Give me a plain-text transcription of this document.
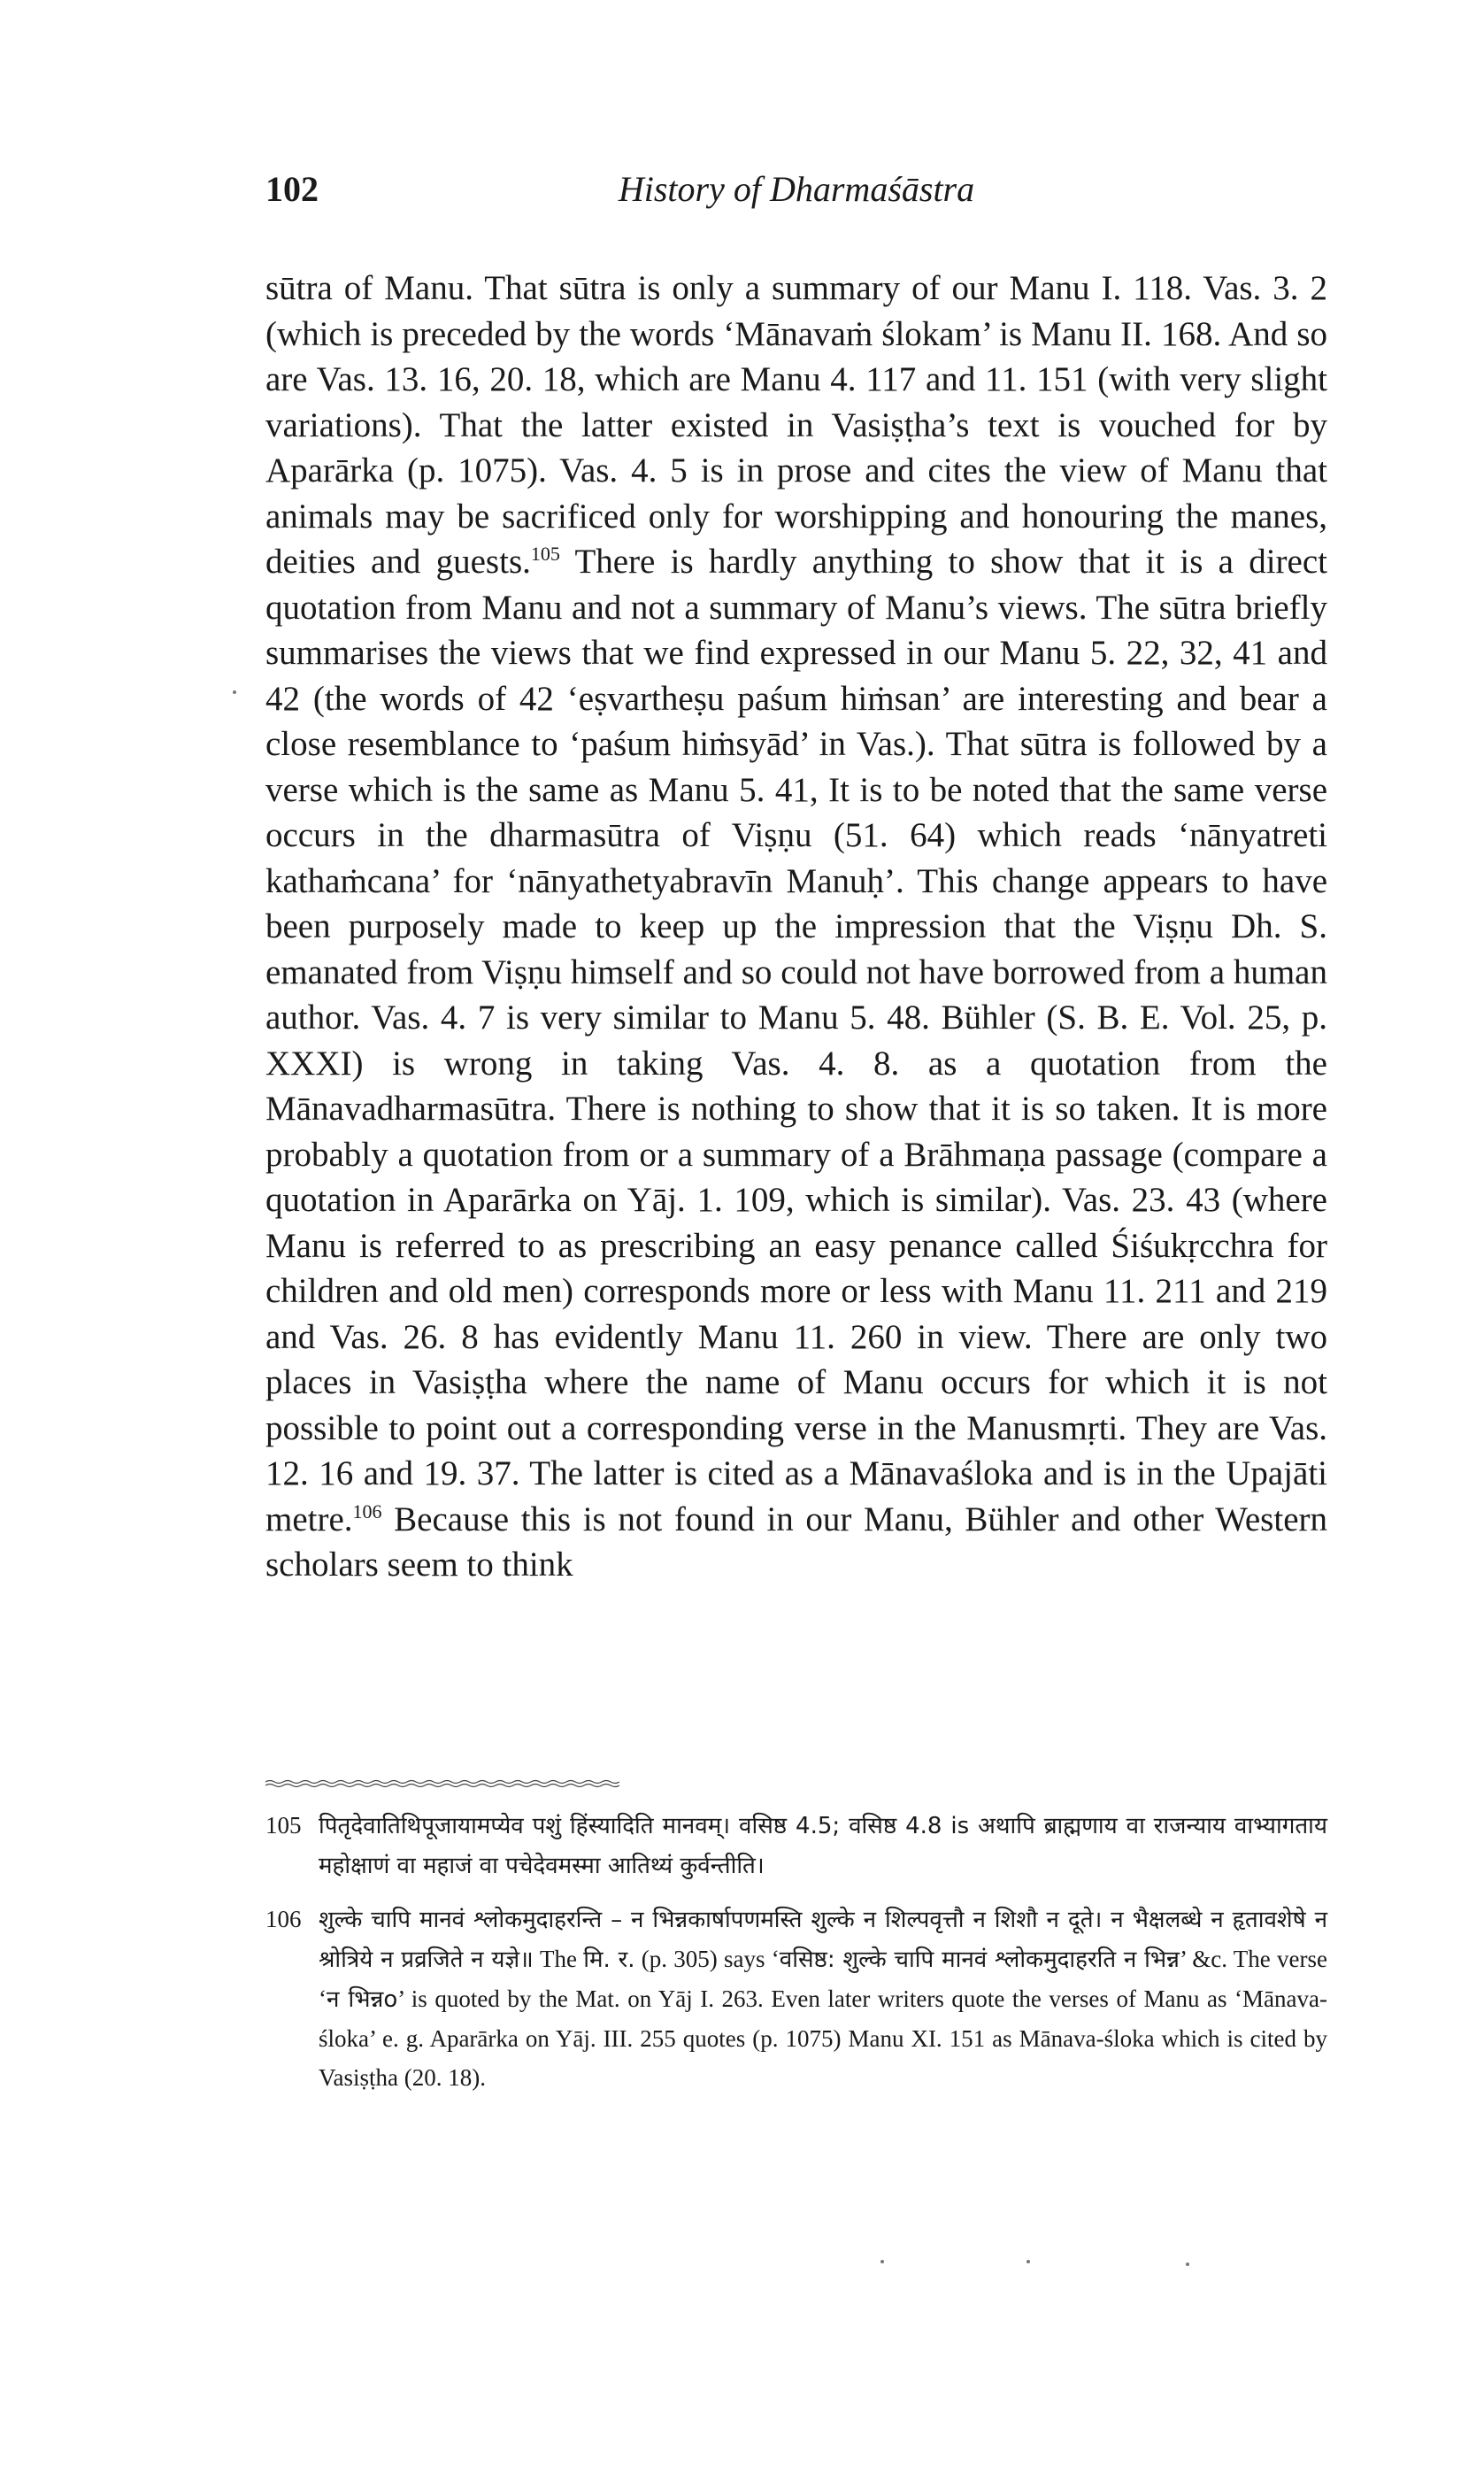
102	History of Dharmaśāstra

sūtra of Manu. That sūtra is only a summary of our Manu I. 118. Vas. 3. 2 (which is preceded by the words ‘Mānavaṁ ślokam’ is Manu II. 168. And so are Vas. 13. 16, 20. 18, which are Manu 4. 117 and 11. 151 (with very slight variations). That the latter existed in Vasiṣṭha’s text is vouched for by Aparārka (p. 1075). Vas. 4. 5 is in prose and cites the view of Manu that animals may be sacrificed only for worshipping and honouring the manes, deities and guests.$^{105}$ There is hardly anything to show that it is a direct quotation from Manu and not a summary of Manu’s views. The sūtra briefly summarises the views that we find expressed in our Manu 5. 22, 32, 41 and 42 (the words of 42 ‘eṣvartheṣu paśum hiṁsan’ are interesting and bear a close resemblance to ‘paśum hiṁsyād’ in Vas.). That sūtra is followed by a verse which is the same as Manu 5. 41, It is to be noted that the same verse occurs in the dharmasūtra of Viṣṇu (51. 64) which reads ‘nānyatreti kathaṁcana’ for ‘nānyathetyabravīn Manuḥ’. This change appears to have been purposely made to keep up the impression that the Viṣṇu Dh. S. emanated from Viṣṇu himself and so could not have borrowed from a human author. Vas. 4. 7 is very similar to Manu 5. 48. Bühler (S. B. E. Vol. 25, p. XXXI) is wrong in taking Vas. 4. 8. as a quotation from the Mānavadharmasūtra. There is nothing to show that it is so taken. It is more probably a quotation from or a summary of a Brāhmaṇa passage (compare a quotation in Aparārka on Yāj. 1. 109, which is similar). Vas. 23. 43 (where Manu is referred to as prescribing an easy penance called Śiśukṛcchra for children and old men) corresponds more or less with Manu 11. 211 and 219 and Vas. 26. 8 has evidently Manu 11. 260 in view. There are only two places in Vasiṣṭha where the name of Manu occurs for which it is not possible to point out a corresponding verse in the Manusmṛti. They are Vas. 12. 16 and 19. 37. The latter is cited as a Mānavaśloka and is in the Upajāti metre.$^{106}$ Because this is not found in our Manu, Bühler and other Western scholars seem to think

105 पितृदेवातिथिपूजायामप्येव पशुं हिंस्यादिति मानवम्। वसिष्ठ 4.5; वसिष्ठ 4.8 is अथापि ब्राह्मणाय वा राजन्याय वाभ्यागताय महोक्षाणं वा महाजं वा पचेदेवमस्मा आतिथ्यं कुर्वन्तीति।

106 शुल्के चापि मानवं श्लोकमुदाहरन्ति – न भिन्नकार्षापणमस्ति शुल्के न शिल्पवृत्तौ न शिशौ न दूते। न भैक्षलब्धे न हृतावशेषे न श्रोत्रिये न प्रव्रजिते न यज्ञे॥ The मि. र. (p. 305) says ‘वसिष्ठ: शुल्के चापि मानवं श्लोकमुदाहरति न भिन्न’ &c. The verse ‘न भिन्नo’ is quoted by the Mat. on Yāj I. 263. Even later writers quote the verses of Manu as ‘Mānava-śloka’ e. g. Aparārka on Yāj. III. 255 quotes (p. 1075) Manu XI. 151 as Mānava-śloka which is cited by Vasiṣṭha (20. 18).
